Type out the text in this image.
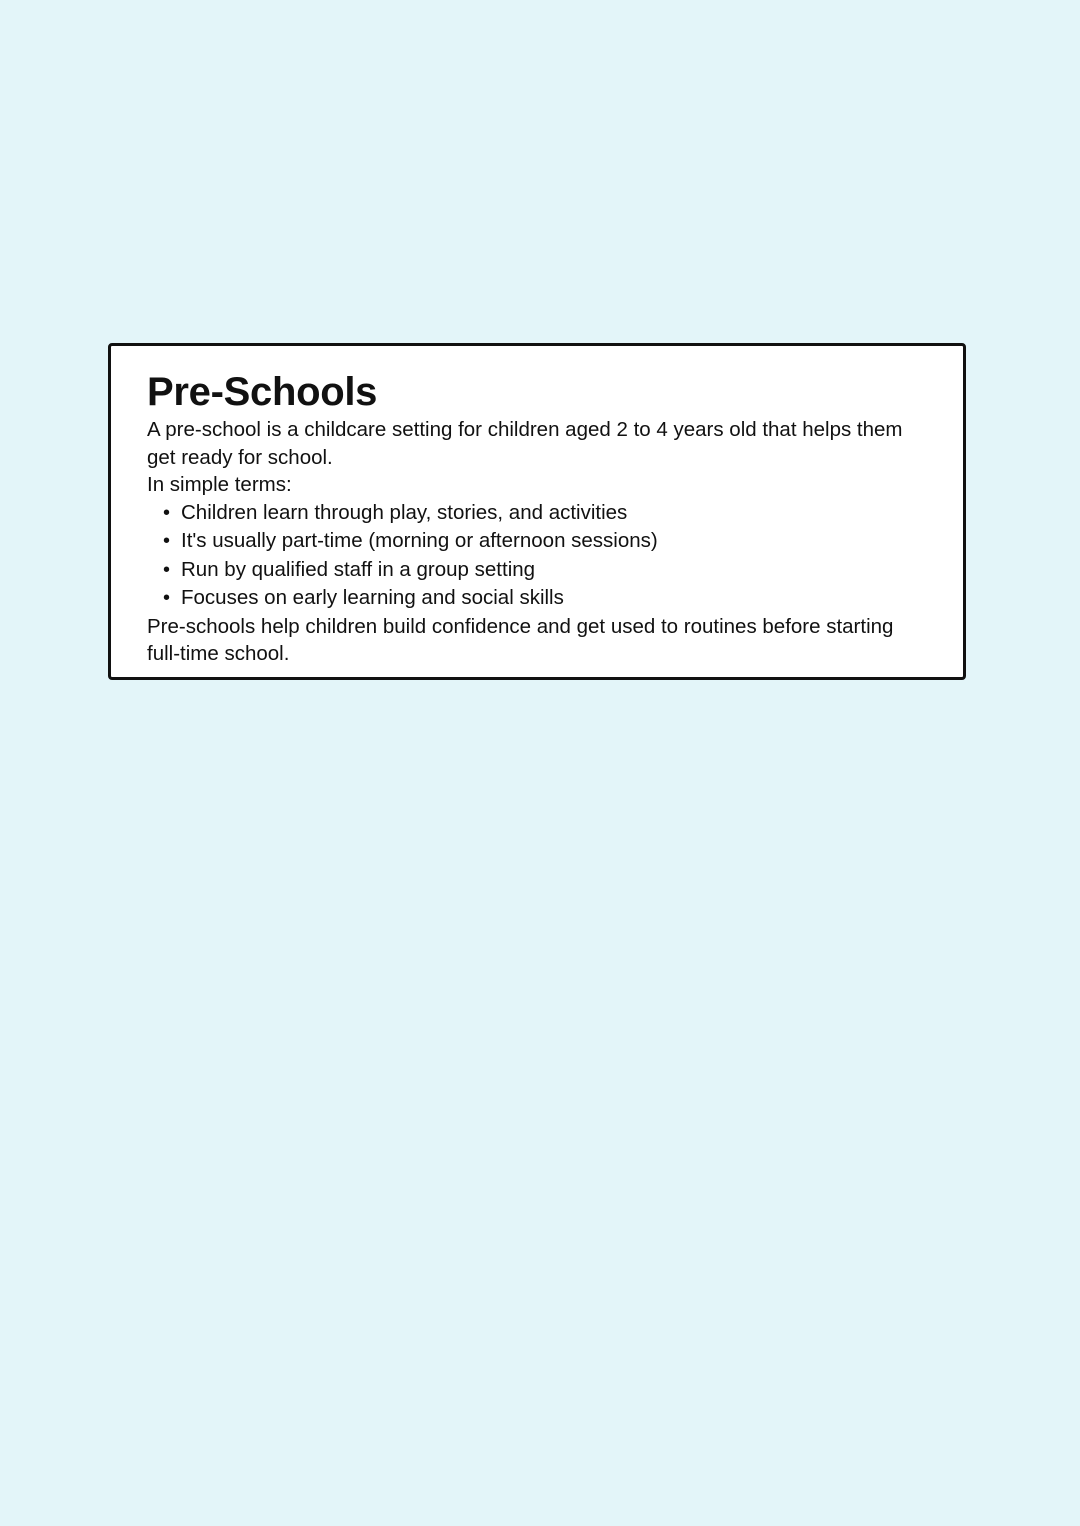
Pre-Schools

A pre-school is a childcare setting for children aged 2 to 4 years old that helps them

get ready for school.

In simple terms:

• Children learn through play, stories, and activities
• It's usually part-time (morning or afternoon sessions)
• Run by qualified staff in a group setting
• Focuses on early learning and social skills

Pre-schools help children build confidence and get used to routines before starting

full-time school.
